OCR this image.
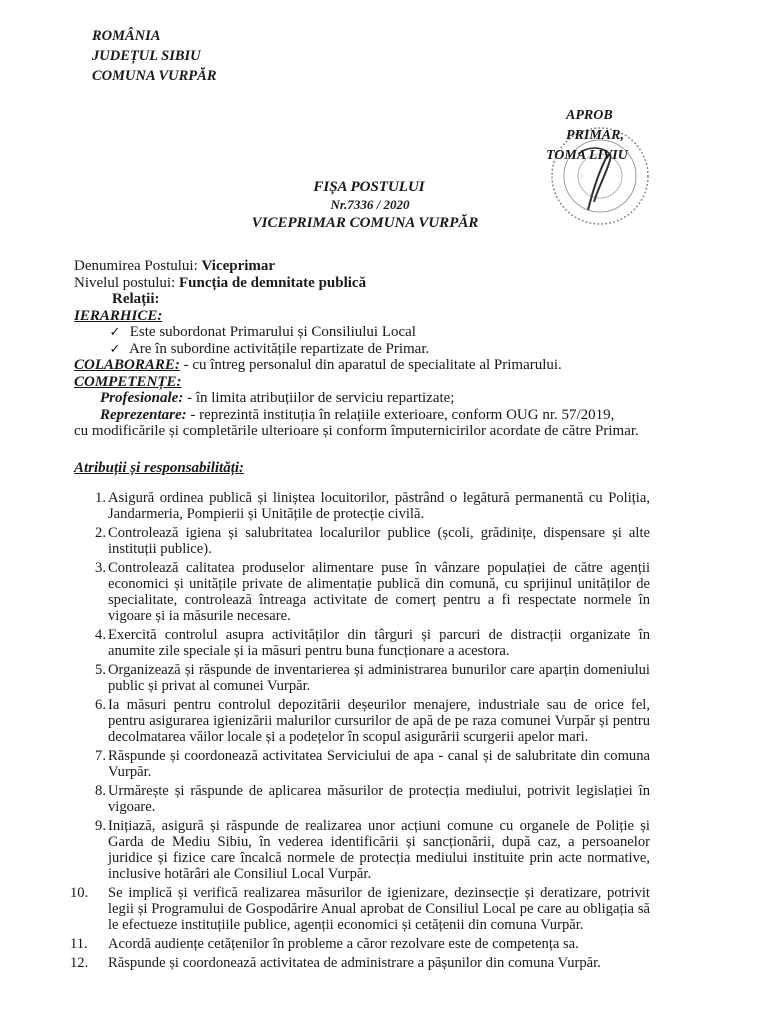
ROMÂNIA
JUDEȚUL SIBIU
COMUNA VURPĂR
APROB
PRIMAR,
TOMA LIVIU
FIȘA POSTULUI
Nr.7336 / 2020
VICEPRIMAR COMUNA VURPĂR
Denumirea Postului: Viceprimar
Nivelul postului: Funcția de demnitate publică
Relații:
IERARHICE:
✓ Este subordonat Primarului și Consiliului Local
✓ Are în subordine activitățile repartizate de Primar.
COLABORARE: - cu întreg personalul din aparatul de specialitate al Primarului.
COMPETENȚE:
Profesionale: - în limita atribuțiilor de serviciu repartizate;
Reprezentare: - reprezintă instituția în relațiile exterioare, conform OUG nr. 57/2019,
cu modificările și completările ulterioare și conform împuternicirilor acordate de către Primar.
Atribuții și responsabilități:
1. Asigură ordinea publică și liniștea locuitorilor, păstrând o legătură permanentă cu Poliția, Jandarmeria, Pompierii și Unitățile de protecție civilă.
2. Controlează igiena și salubritatea localurilor publice (școli, grădinițe, dispensare și alte instituții publice).
3. Controlează calitatea produselor alimentare puse în vânzare populației de către agenții economici și unitățile private de alimentație publică din comună, cu sprijinul unităților de specialitate, controlează întreaga activitate de comerț pentru a fi respectate normele în vigoare și ia măsurile necesare.
4. Exercită controlul asupra activităților din târguri și parcuri de distracții organizate în anumite zile speciale și ia măsuri pentru buna funcționare a acestora.
5. Organizează și răspunde de inventarierea și administrarea bunurilor care aparțin domeniului public și privat al comunei Vurpăr.
6. Ia măsuri pentru controlul depozitării deșeurilor menajere, industriale sau de orice fel, pentru asigurarea igienizării malurilor cursurilor de apă de pe raza comunei Vurpăr și pentru decolmatarea văilor locale și a podețelor în scopul asigurării scurgerii apelor mari.
7. Răspunde și coordonează activitatea Serviciului de apa - canal și de salubritate din comuna Vurpăr.
8. Urmărește și răspunde de aplicarea măsurilor de protecția mediului, potrivit legislației în vigoare.
9. Inițiază, asigură și răspunde de realizarea unor acțiuni comune cu organele de Poliție și Garda de Mediu Sibiu, în vederea identificării și sancționării, după caz, a persoanelor juridice și fizice care încalcă normele de protecția mediului instituite prin acte normative, inclusive hotărâri ale Consiliul Local Vurpăr.
10.	Se implică și verifică realizarea măsurilor de igienizare, dezinsecție și deratizare, potrivit legii și Programului de Gospodărire Anual aprobat de Consiliul Local pe care au obligația să le efectueze instituțiile publice, agenții economici și cetățenii din comuna Vurpăr.
11.	Acordă audiențe cetățenilor în probleme a căror rezolvare este de competența sa.
12.	Răspunde și coordonează activitatea de administrare a pășunilor din comuna Vurpăr.
